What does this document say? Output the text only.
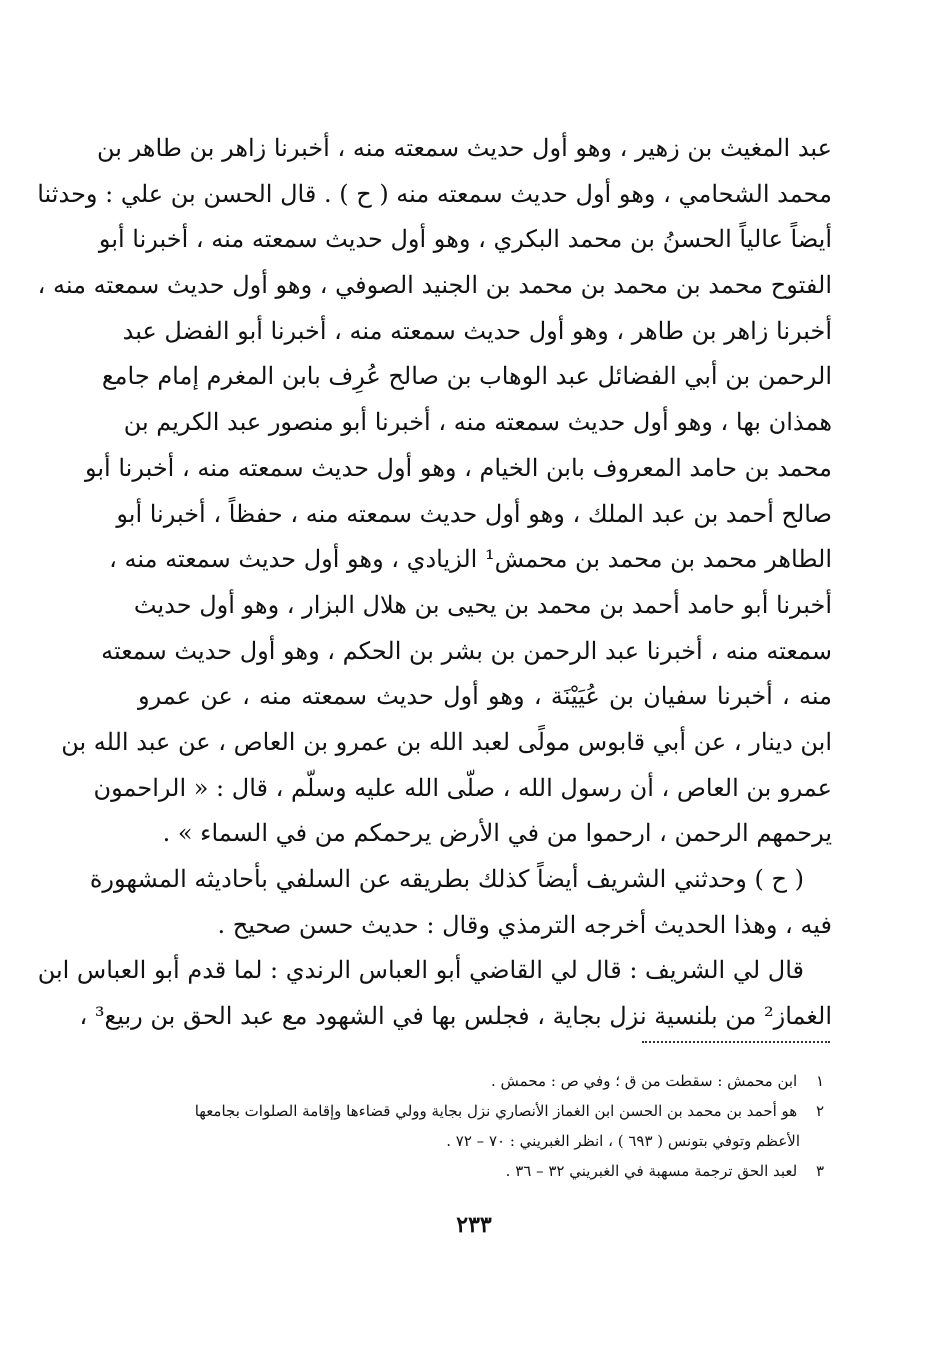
عبد المغيث بن زهير ، وهو أول حديث سمعته منه ، أخبرنا زاهر بن طاهر بن
محمد الشحامي ، وهو أول حديث سمعته منه ( ح ) . قال الحسن بن علي : وحدثنا
أيضاً عالياً الحسنُ بن محمد البكري ، وهو أول حديث سمعته منه ، أخبرنا أبو
الفتوح محمد بن محمد بن محمد بن الجنيد الصوفي ، وهو أول حديث سمعته منه ،
أخبرنا زاهر بن طاهر ، وهو أول حديث سمعته منه ، أخبرنا أبو الفضل عبد
الرحمن بن أبي الفضائل عبد الوهاب بن صالح عُرِف بابن المغرم إمام جامع
همذان بها ، وهو أول حديث سمعته منه ، أخبرنا أبو منصور عبد الكريم بن
محمد بن حامد المعروف بابن الخيام ، وهو أول حديث سمعته منه ، أخبرنا أبو
صالح أحمد بن عبد الملك ، وهو أول حديث سمعته منه ، حفظاً ، أخبرنا أبو
الطاهر محمد بن محمد بن محمش¹ الزيادي ، وهو أول حديث سمعته منه ،
أخبرنا أبو حامد أحمد بن محمد بن يحيى بن هلال البزار ، وهو أول حديث
سمعته منه ، أخبرنا عبد الرحمن بن بشر بن الحكم ، وهو أول حديث سمعته
منه ، أخبرنا سفيان بن عُيَيْنَة ، وهو أول حديث سمعته منه ، عن عمرو
ابن دينار ، عن أبي قابوس مولًى لعبد الله بن عمرو بن العاص ، عن عبد الله بن
عمرو بن العاص ، أن رسول الله ، صلّى الله عليه وسلّم ، قال : « الراحمون
يرحمهم الرحمن ، ارحموا من في الأرض يرحمكم من في السماء » .
( ح ) وحدثني الشريف أيضاً كذلك بطريقه عن السلفي بأحاديثه المشهورة
فيه ، وهذا الحديث أخرجه الترمذي وقال : حديث حسن صحيح .
قال لي الشريف : قال لي القاضي أبو العباس الرندي : لما قدم أبو العباس ابن
الغماز² من بلنسية نزل بجاية ، فجلس بها في الشهود مع عبد الحق بن ربيع³ ،
١ ابن محمش : سقطت من ق ؛ وفي ص : محمش .
٢ هو أحمد بن محمد بن الحسن ابن الغماز الأنصاري نزل بجاية وولي قضاءها وإقامة الصلوات بجامعها
الأعظم وتوفي بتونس ( ٦٩٣ ) ، انظر الغبريني : ٧٠ – ٧٢ .
٣ لعبد الحق ترجمة مسهبة في الغبريني ٣٢ – ٣٦ .
٢٣٣
